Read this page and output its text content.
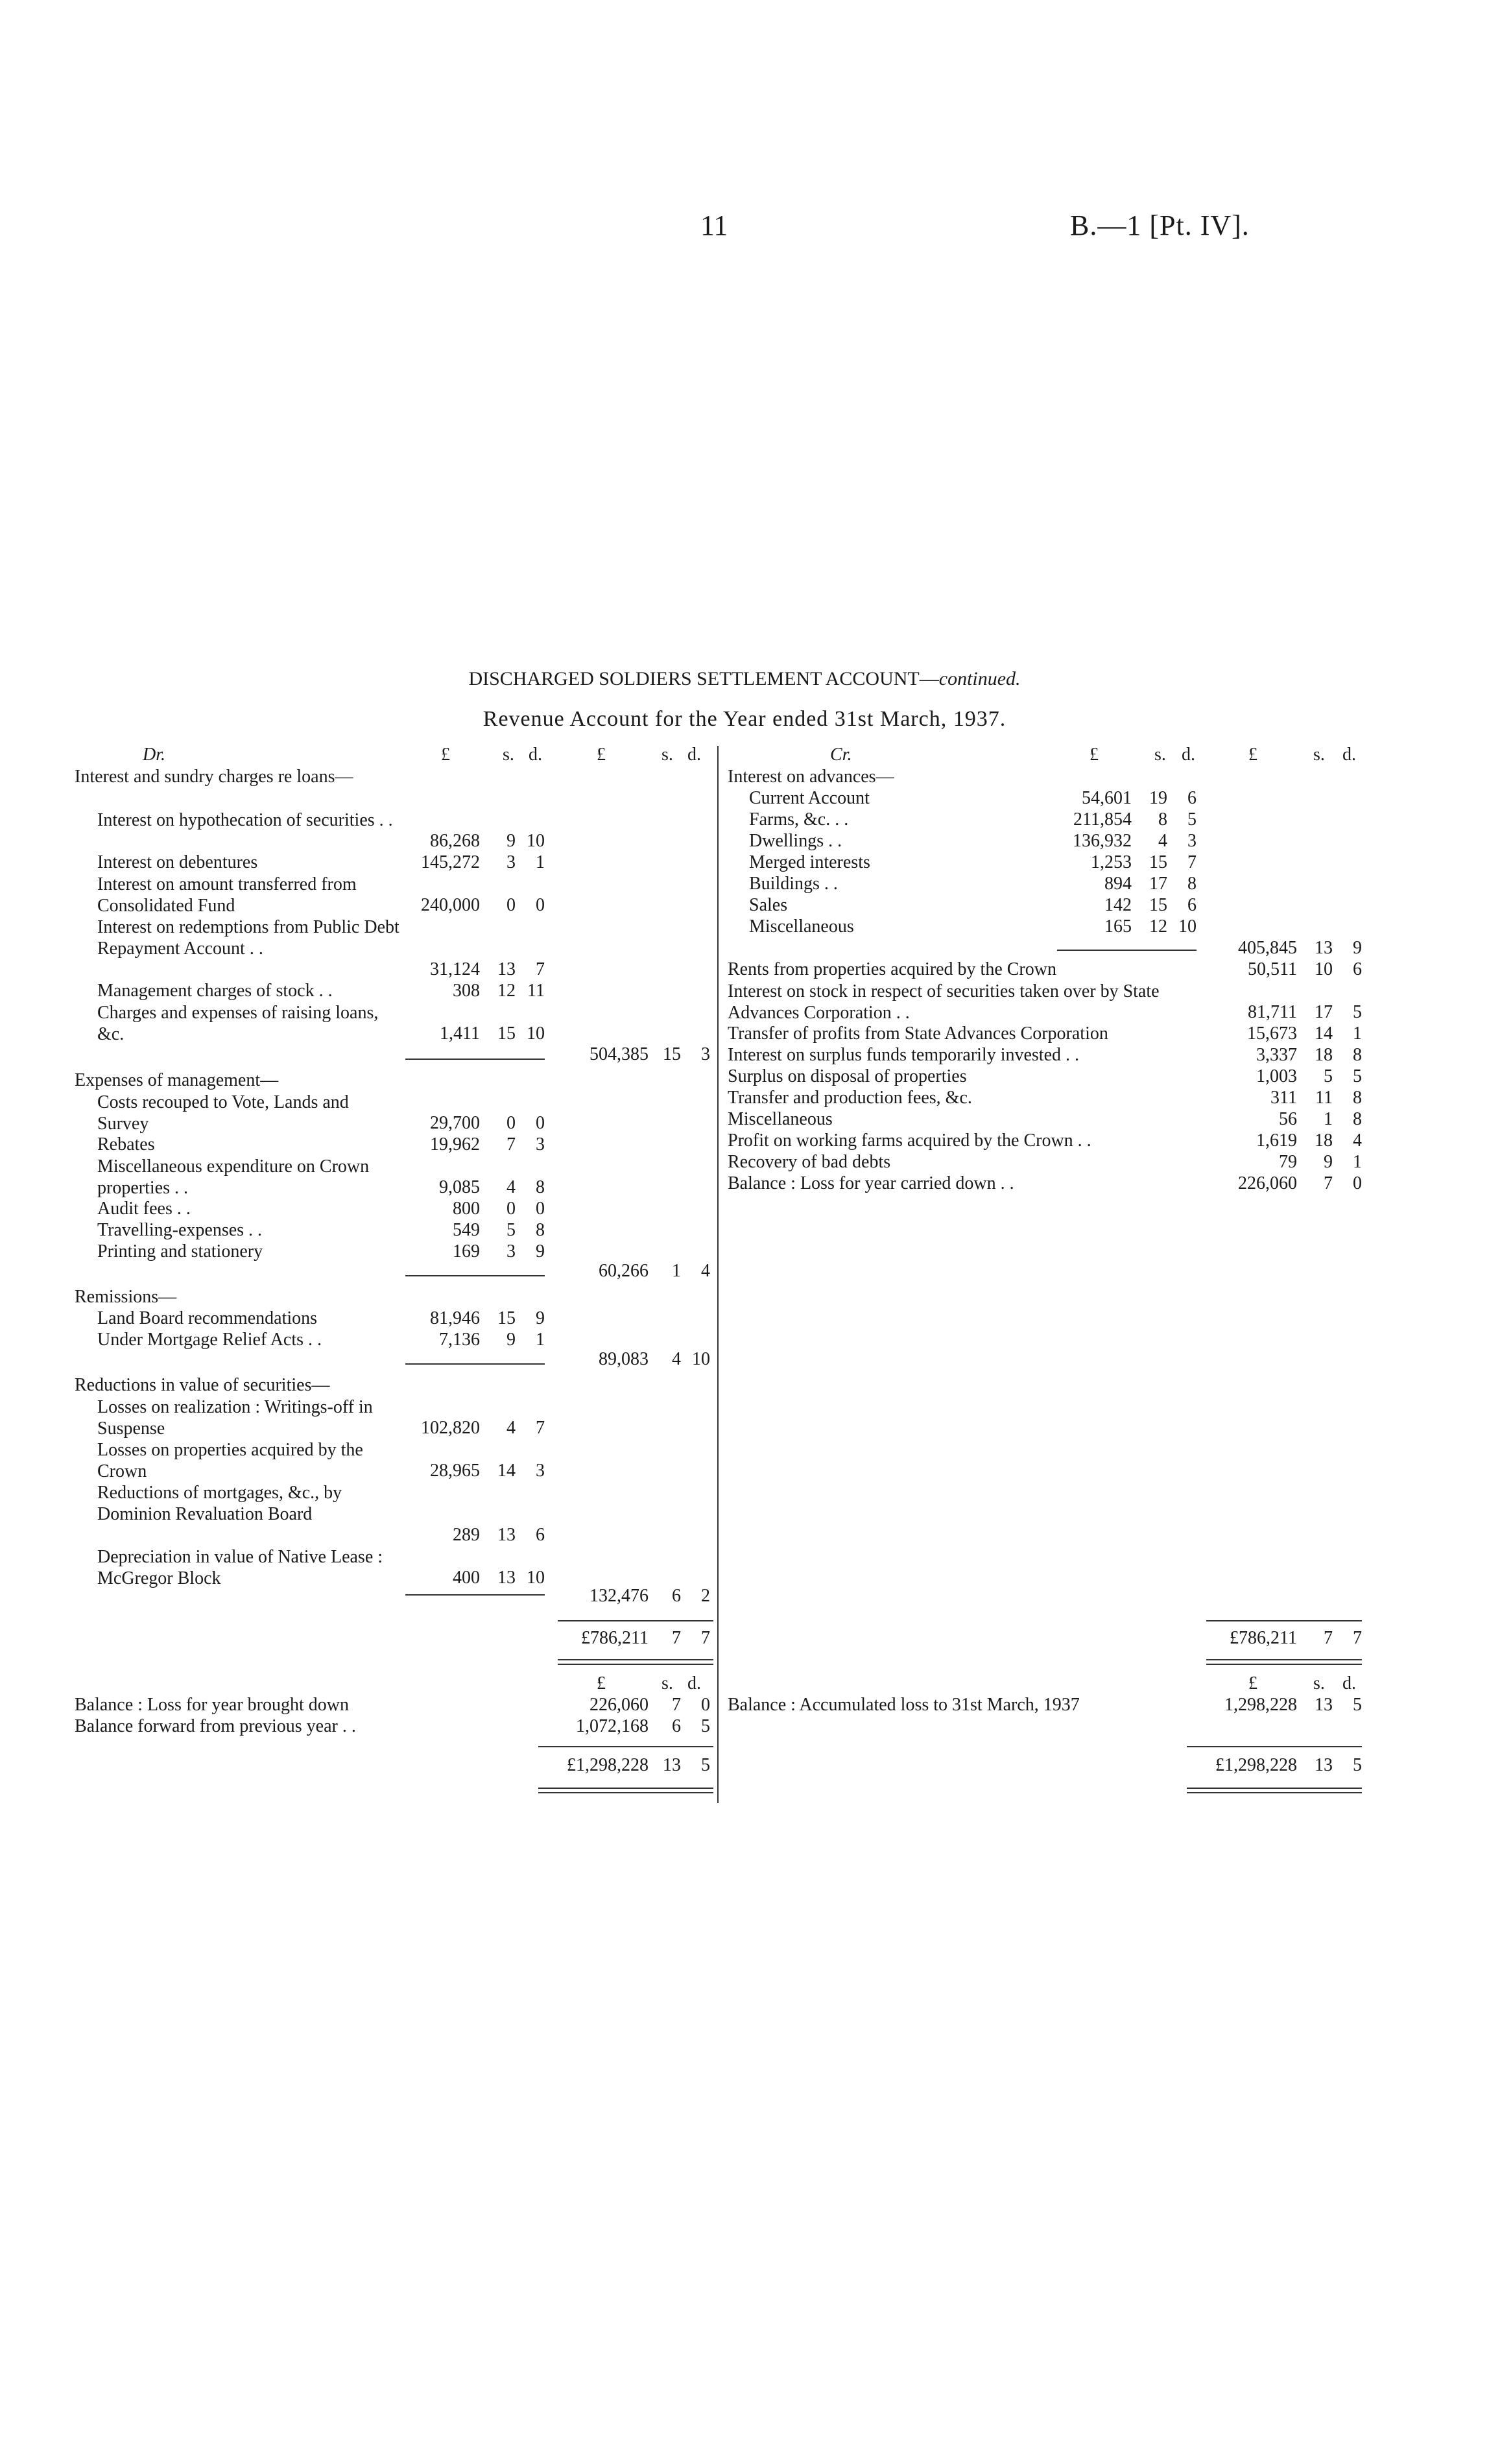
11	B.—1 [Pt. IV].
DISCHARGED SOLDIERS SETTLEMENT ACCOUNT—continued.
Revenue Account for the Year ended 31st March, 1937.
Dr.	£	s. d.	£	s. d.	Cr.	£	s. d.	£	s. d.
Interest and sundry charges re loans—
Interest on hypothecation of securities . .
86,268	9 10
Interest on debentures	145,272	3	1
Interest on amount transferred from Consolidated Fund	240,000	0	0
Interest on redemptions from Public Debt Repayment Account . .
31,124 13	7
Management charges of stock . .	308 12 11
Charges and expenses of raising loans, &c.	1,411 15 10
504,385 15	3
Expenses of management—
Costs recouped to Vote, Lands and Survey	29,700	0	0
Rebates	19,962	7	3
Miscellaneous expenditure on Crown properties . .	9,085	4	8
Audit fees . .	800	0	0
Travelling-expenses . .	549	5	8
Printing and stationery	169	3	9
60,266	1	4
Remissions—
Land Board recommendations	81,946 15	9
Under Mortgage Relief Acts . .	7,136	9	1
89,083	4 10
Reductions in value of securities—
Losses on realization : Writings-off in Suspense	102,820	4	7
Losses on properties acquired by the Crown	28,965 14	3
Reductions of mortgages, &c., by Dominion Revaluation Board
289 13	6
Depreciation in value of Native Lease : McGregor Block	400 13 10
132,476	6	2
£786,211	7	7
Interest on advances—
Current Account	54,601 19	6
Farms, &c. . .	211,854	8	5
Dwellings . .	136,932	4	3
Merged interests	1,253 15	7
Buildings . .	894 17	8
Sales	142 15	6
Miscellaneous	165 12 10
405,845 13	9
Rents from properties acquired by the Crown	50,511 10	6
Interest on stock in respect of securities taken over by State Advances Corporation . .	81,711 17	5
Transfer of profits from State Advances Corporation	15,673 14	1
Interest on surplus funds temporarily invested . .	3,337 18	8
Surplus on disposal of properties	1,003	5	5
Transfer and production fees, &c.	311	11	8
Miscellaneous	56	1	8
Profit on working farms acquired by the Crown . .	1,619 18	4
Recovery of bad debts	79	9	1
Balance : Loss for year carried down . .	226,060	7	0
£786,211	7	7
£	s. d.	£	s. d.
Balance : Loss for year brought down	226,060	7	0
Balance forward from previous year . .	1,072,168	6	5
£1,298,228 13	5
Balance : Accumulated loss to 31st March, 1937	1,298,228 13	5
£1,298,228 13	5
